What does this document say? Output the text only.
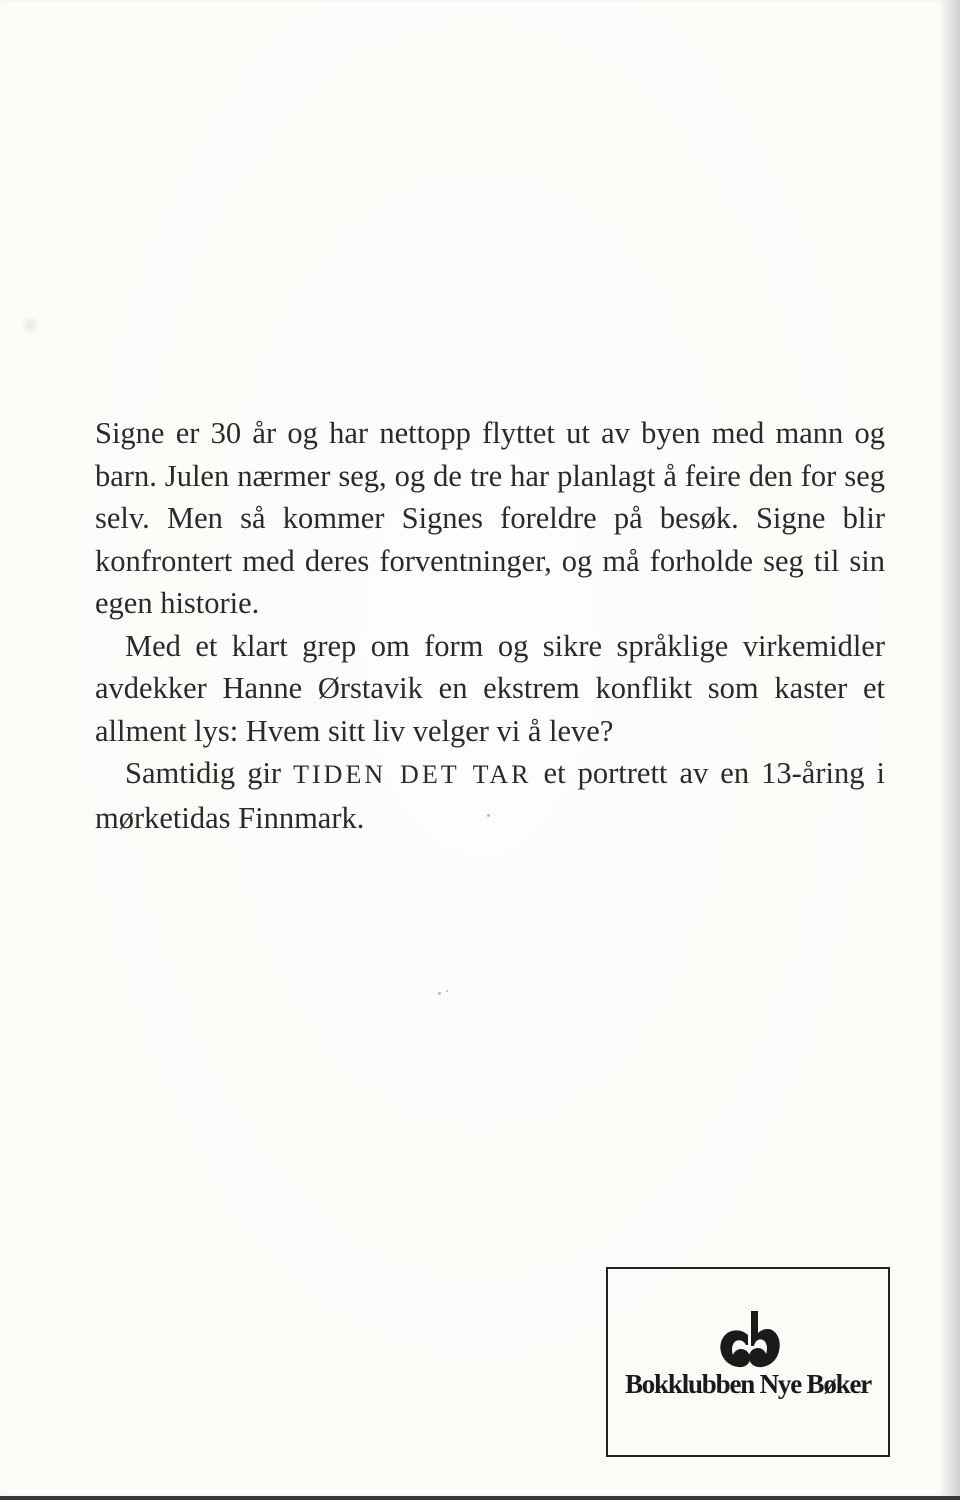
Signe er 30 år og har nettopp flyttet ut av byen med mann og barn. Julen nærmer seg, og de tre har planlagt å feire den for seg selv. Men så kommer Signes foreldre på besøk. Signe blir konfrontert med deres forventninger, og må forholde seg til sin egen historie.

Med et klart grep om form og sikre språklige virkemidler avdekker Hanne Ørstavik en ekstrem konflikt som kaster et allment lys: Hvem sitt liv velger vi å leve?

Samtidig gir TIDEN DET TAR et portrett av en 13-åring i mørketidas Finnmark.

Bokklubben Nye Bøker
